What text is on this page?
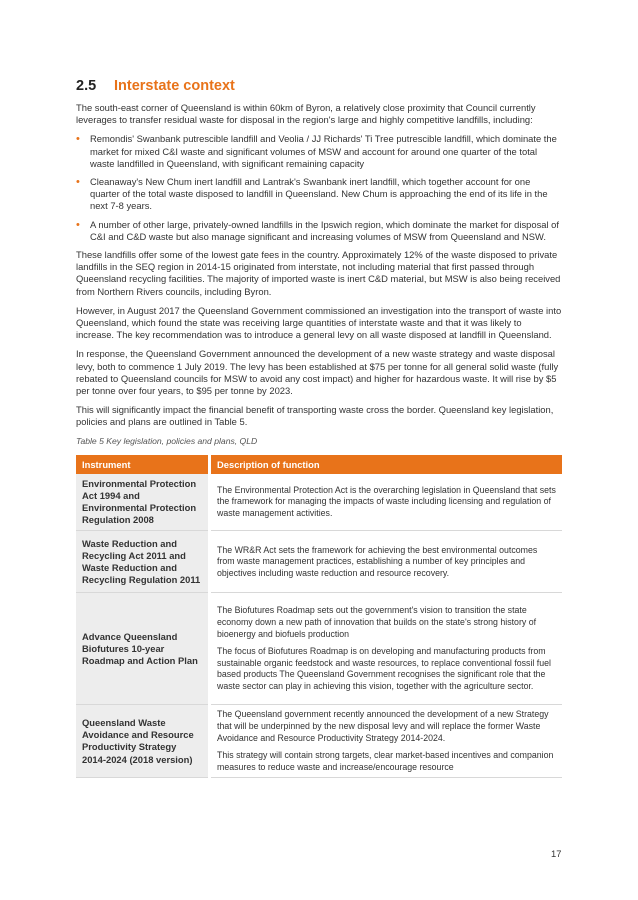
2.5	Interstate context

The south-east corner of Queensland is within 60km of Byron, a relatively close proximity that Council currently leverages to transfer residual waste for disposal in the region's large and highly competitive landfills, including:

• Remondis' Swanbank putrescible landfill and Veolia / JJ Richards' Ti Tree putrescible landfill, which dominate the market for mixed C&I waste and significant volumes of MSW and account for around one quarter of the total waste landfilled in Queensland, with significant remaining capacity
• Cleanaway's New Chum inert landfill and Lantrak's Swanbank inert landfill, which together account for one quarter of the total waste disposed to landfill in Queensland. New Chum is approaching the end of its life in the next 7-8 years.
• A number of other large, privately-owned landfills in the Ipswich region, which dominate the market for disposal of C&I and C&D waste but also manage significant and increasing volumes of MSW from Queensland and NSW.

These landfills offer some of the lowest gate fees in the country. Approximately 12% of the waste disposed to private landfills in the SEQ region in 2014-15 originated from interstate, not including material that first passed through Queensland recycling facilities. The majority of imported waste is inert C&D material, but MSW is also being received from Northern Rivers councils, including Byron.

However, in August 2017 the Queensland Government commissioned an investigation into the transport of waste into Queensland, which found the state was receiving large quantities of interstate waste and that it was likely to increase. The key recommendation was to introduce a general levy on all waste disposed at landfill in Queensland.

In response, the Queensland Government announced the development of a new waste strategy and waste disposal levy, both to commence 1 July 2019. The levy has been established at $75 per tonne for all general solid waste (fully rebated to Queensland councils for MSW to avoid any cost impact) and higher for hazardous waste. It will rise by $5 per tonne over four years, to $95 per tonne by 2023.

This will significantly impact the financial benefit of transporting waste cross the border. Queensland key legislation, policies and plans are outlined in Table 5.

Table 5 Key legislation, policies and plans, QLD
Instrument	Description of function
Environmental Protection Act 1994 and Environmental Protection Regulation 2008	The Environmental Protection Act is the overarching legislation in Queensland that sets the framework for managing the impacts of waste including licensing and regulation of waste management activities.

Waste Reduction and Recycling Act 2011 and Waste Reduction and Recycling Regulation 2011	The WR&R Act sets the framework for achieving the best environmental outcomes from waste management practices, establishing a number of key principles and objectives including waste reduction and resource recovery.

Advance Queensland Biofutures 10-year Roadmap and Action Plan	The Biofutures Roadmap sets out the government's vision to transition the state economy down a new path of innovation that builds on the state's strong history of bioenergy and biofuels production

The focus of Biofutures Roadmap is on developing and manufacturing products from sustainable organic feedstock and waste resources, to replace conventional fossil fuel based products The Queensland Government recognises the significant role that the waste sector can play in achieving this vision, together with the agriculture sector.

Queensland Waste Avoidance and Resource Productivity Strategy 2014-2024 (2018 version)	The Queensland government recently announced the development of a new Strategy that will be underpinned by the new disposal levy and will replace the former Waste Avoidance and Resource Productivity Strategy 2014-2024.

This strategy will contain strong targets, clear market-based incentives and companion measures to reduce waste and increase/encourage resource

17
